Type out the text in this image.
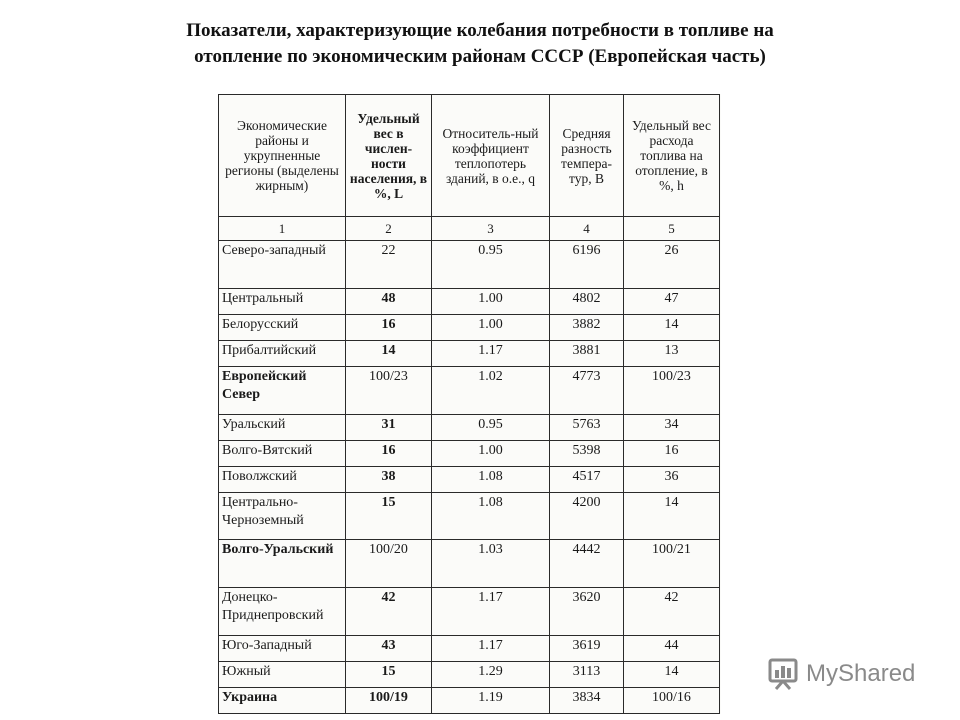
Показатели, характеризующие колебания потребности в топливе на
отопление по экономическим районам СССР (Европейская часть)
Экономические районы и укрупненные регионы (выделены жирным)	Удельный вес в числен-ности населения, в %, L	Относитель-ный коэффициент теплопотерь зданий, в о.е., q	Средняя разность темпера-тур, B	Удельный вес расхода топлива на отопление, в %, h
1	2	3	4	5
Северо-западный	22	0.95	6196	26
Центральный	48	1.00	4802	47
Белорусский	16	1.00	3882	14
Прибалтийский	14	1.17	3881	13
Европейский Север	100/23	1.02	4773	100/23
Уральский	31	0.95	5763	34
Волго-Вятский	16	1.00	5398	16
Поволжский	38	1.08	4517	36
Центрально-Черноземный	15	1.08	4200	14
Волго-Уральский	100/20	1.03	4442	100/21
Донецко-Приднепровский	42	1.17	3620	42
Юго-Западный	43	1.17	3619	44
Южный	15	1.29	3113	14
Украина	100/19	1.19	3834	100/16
MyShared
